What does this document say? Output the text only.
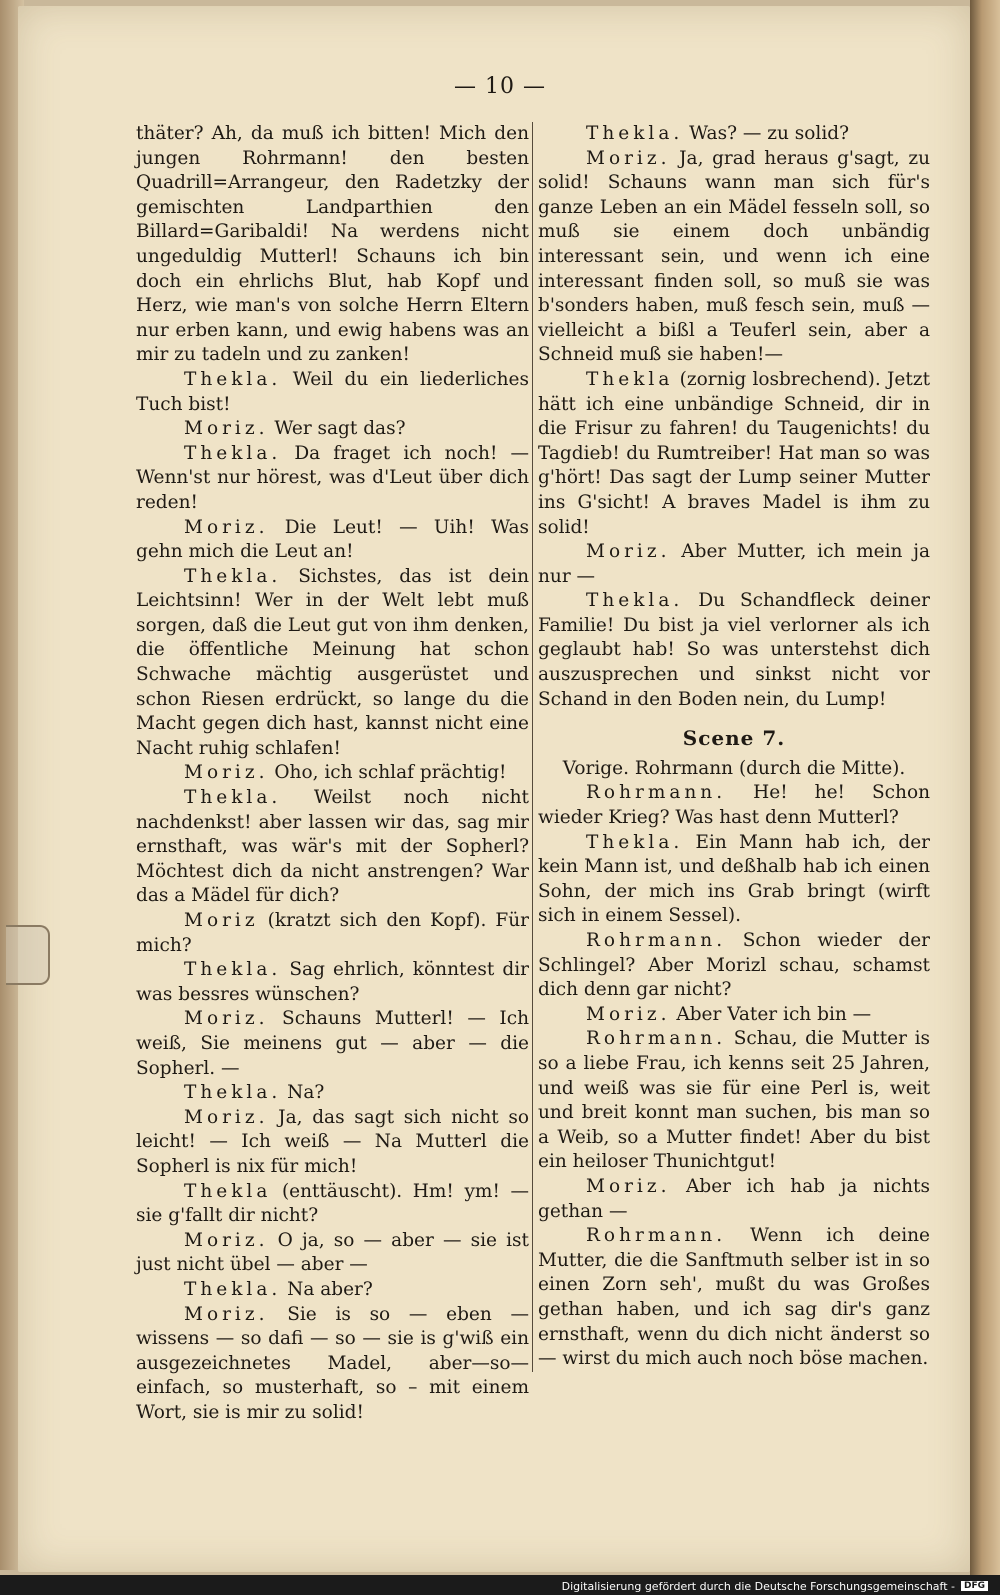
— 10 —

thäter? Ah, da muß ich bitten! Mich den jungen Rohrmann! den besten Quadrill=Arrangeur, den Radetzky der gemischten Landparthien den Billard=Garibaldi! Na werdens nicht ungeduldig Mutterl! Schauns ich bin doch ein ehrlichs Blut, hab Kopf und Herz, wie man's von solche Herrn Eltern nur erben kann, und ewig habens was an mir zu tadeln und zu zanken!

Thekla. Weil du ein liederliches Tuch bist!

Moriz. Wer sagt das?

Thekla. Da fraget ich noch! — Wenn'st nur hörest, was d'Leut über dich reden!

Moriz. Die Leut! — Uih! Was gehn mich die Leut an!

Thekla. Sichstes, das ist dein Leichtsinn! Wer in der Welt lebt muß sorgen, daß die Leut gut von ihm denken, die öffentliche Meinung hat schon Schwache mächtig ausgerüstet und schon Riesen erdrückt, so lange du die Macht gegen dich hast, kannst nicht eine Nacht ruhig schlafen!

Moriz. Oho, ich schlaf prächtig!

Thekla. Weilst noch nicht nachdenkst! aber lassen wir das, sag mir ernsthaft, was wär's mit der Sopherl? Möchtest dich da nicht anstrengen? War das a Mädel für dich?

Moriz (kratzt sich den Kopf). Für mich?

Thekla. Sag ehrlich, könntest dir was bessres wünschen?

Moriz. Schauns Mutterl! — Ich weiß, Sie meinens gut — aber — die Sopherl. —

Thekla. Na?

Moriz. Ja, das sagt sich nicht so leicht! — Ich weiß — Na Mutterl die Sopherl is nix für mich!

Thekla (enttäuscht). Hm! ym! — sie g'fallt dir nicht?

Moriz. O ja, so — aber — sie ist just nicht übel — aber —

Thekla. Na aber?

Moriz. Sie is so — eben — wissens — so dafi — so — sie is g'wiß ein ausgezeichnetes Madel, aber—so—einfach, so musterhaft, so – mit einem Wort, sie is mir zu solid!

Thekla. Was? — zu solid?

Moriz. Ja, grad heraus g'sagt, zu solid! Schauns wann man sich für's ganze Leben an ein Mädel fesseln soll, so muß sie einem doch unbändig interessant sein, und wenn ich eine interessant finden soll, so muß sie was b'sonders haben, muß fesch sein, muß — vielleicht a bißl a Teuferl sein, aber a Schneid muß sie haben!—

Thekla (zornig losbrechend). Jetzt hätt ich eine unbändige Schneid, dir in die Frisur zu fahren! du Taugenichts! du Tagdieb! du Rumtreiber! Hat man so was g'hört! Das sagt der Lump seiner Mutter ins G'sicht! A braves Madel is ihm zu solid!

Moriz. Aber Mutter, ich mein ja nur —

Thekla. Du Schandfleck deiner Familie! Du bist ja viel verlorner als ich geglaubt hab! So was unterstehst dich auszusprechen und sinkst nicht vor Schand in den Boden nein, du Lump!

Scene 7.

Vorige. Rohrmann (durch die Mitte).

Rohrmann. He! he! Schon wieder Krieg? Was hast denn Mutterl?

Thekla. Ein Mann hab ich, der kein Mann ist, und deßhalb hab ich einen Sohn, der mich ins Grab bringt (wirft sich in einem Sessel).

Rohrmann. Schon wieder der Schlingel? Aber Morizl schau, schamst dich denn gar nicht?

Moriz. Aber Vater ich bin —

Rohrmann. Schau, die Mutter is so a liebe Frau, ich kenns seit 25 Jahren, und weiß was sie für eine Perl is, weit und breit konnt man suchen, bis man so a Weib, so a Mutter findet! Aber du bist ein heiloser Thunichtgut!

Moriz. Aber ich hab ja nichts gethan —

Rohrmann. Wenn ich deine Mutter, die die Sanftmuth selber ist in so einen Zorn seh', mußt du was Großes gethan haben, und ich sag dir's ganz ernsthaft, wenn du dich nicht änderst so — wirst du mich auch noch böse machen.

Digitalisierung gefördert durch die Deutsche Forschungsgemeinschaft -	DFG
